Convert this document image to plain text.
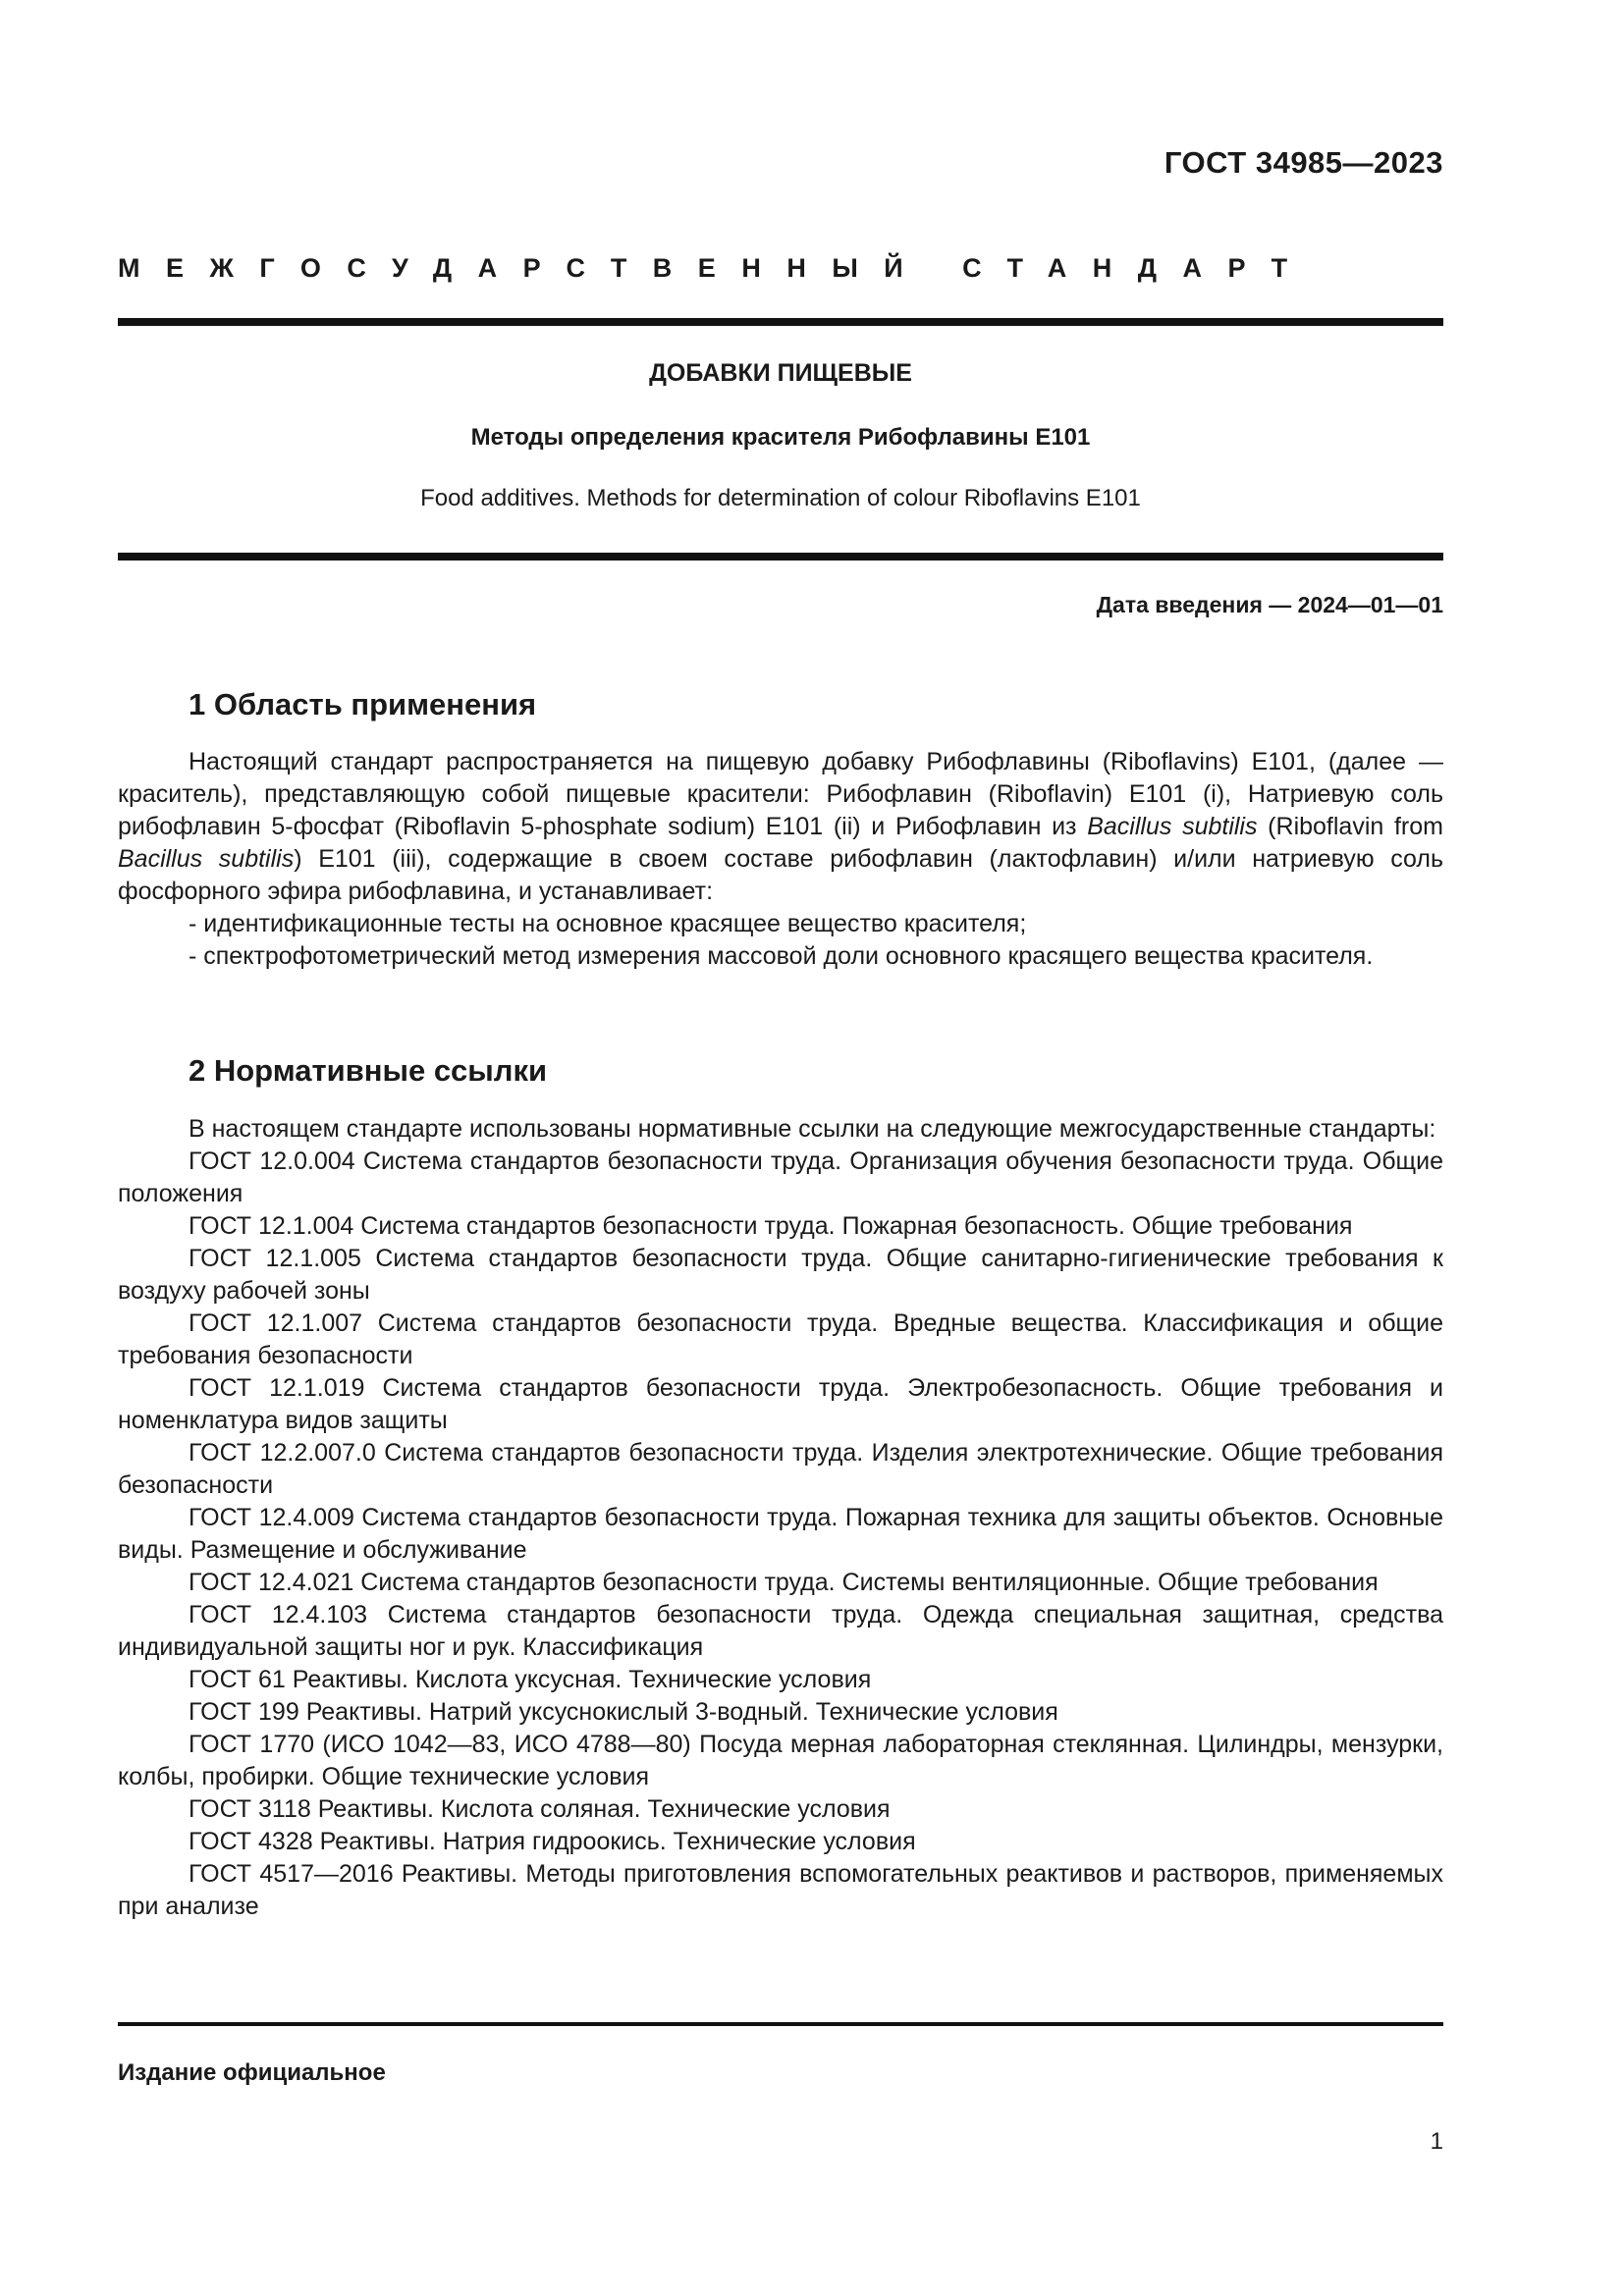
ГОСТ 34985—2023
МЕЖГОСУДАРСТВЕННЫЙ СТАНДАРТ
ДОБАВКИ ПИЩЕВЫЕ
Методы определения красителя Рибофлавины Е101
Food additives. Methods for determination of colour Riboflavins E101
Дата введения — 2024—01—01
1 Область применения

Настоящий стандарт распространяется на пищевую добавку Рибофлавины (Riboflavins) Е101, (далее — краситель), представляющую собой пищевые красители: Рибофлавин (Riboflavin) Е101 (i), Натриевую соль рибофлавин 5-фосфат (Riboflavin 5-phosphate sodium) Е101 (ii) и Рибофлавин из Bacillus subtilis (Riboflavin from Bacillus subtilis) Е101 (iii), содержащие в своем составе рибофлавин (лактофлавин) и/или натриевую соль фосфорного эфира рибофлавина, и устанавливает:

- идентификационные тесты на основное красящее вещество красителя;

- спектрофотометрический метод измерения массовой доли основного красящего вещества красителя.

2 Нормативные ссылки

В настоящем стандарте использованы нормативные ссылки на следующие межгосударственные стандарты:

ГОСТ 12.0.004 Система стандартов безопасности труда. Организация обучения безопасности труда. Общие положения

ГОСТ 12.1.004 Система стандартов безопасности труда. Пожарная безопасность. Общие требования

ГОСТ 12.1.005 Система стандартов безопасности труда. Общие санитарно-гигиенические требования к воздуху рабочей зоны

ГОСТ 12.1.007 Система стандартов безопасности труда. Вредные вещества. Классификация и общие требования безопасности

ГОСТ 12.1.019 Система стандартов безопасности труда. Электробезопасность. Общие требования и номенклатура видов защиты

ГОСТ 12.2.007.0 Система стандартов безопасности труда. Изделия электротехнические. Общие требования безопасности

ГОСТ 12.4.009 Система стандартов безопасности труда. Пожарная техника для защиты объектов. Основные виды. Размещение и обслуживание

ГОСТ 12.4.021 Система стандартов безопасности труда. Системы вентиляционные. Общие требования

ГОСТ 12.4.103 Система стандартов безопасности труда. Одежда специальная защитная, средства индивидуальной защиты ног и рук. Классификация

ГОСТ 61 Реактивы. Кислота уксусная. Технические условия

ГОСТ 199 Реактивы. Натрий уксуснокислый 3-водный. Технические условия

ГОСТ 1770 (ИСО 1042—83, ИСО 4788—80) Посуда мерная лабораторная стеклянная. Цилиндры, мензурки, колбы, пробирки. Общие технические условия

ГОСТ 3118 Реактивы. Кислота соляная. Технические условия

ГОСТ 4328 Реактивы. Натрия гидроокись. Технические условия

ГОСТ 4517—2016 Реактивы. Методы приготовления вспомогательных реактивов и растворов, применяемых при анализе

Издание официальное
1
